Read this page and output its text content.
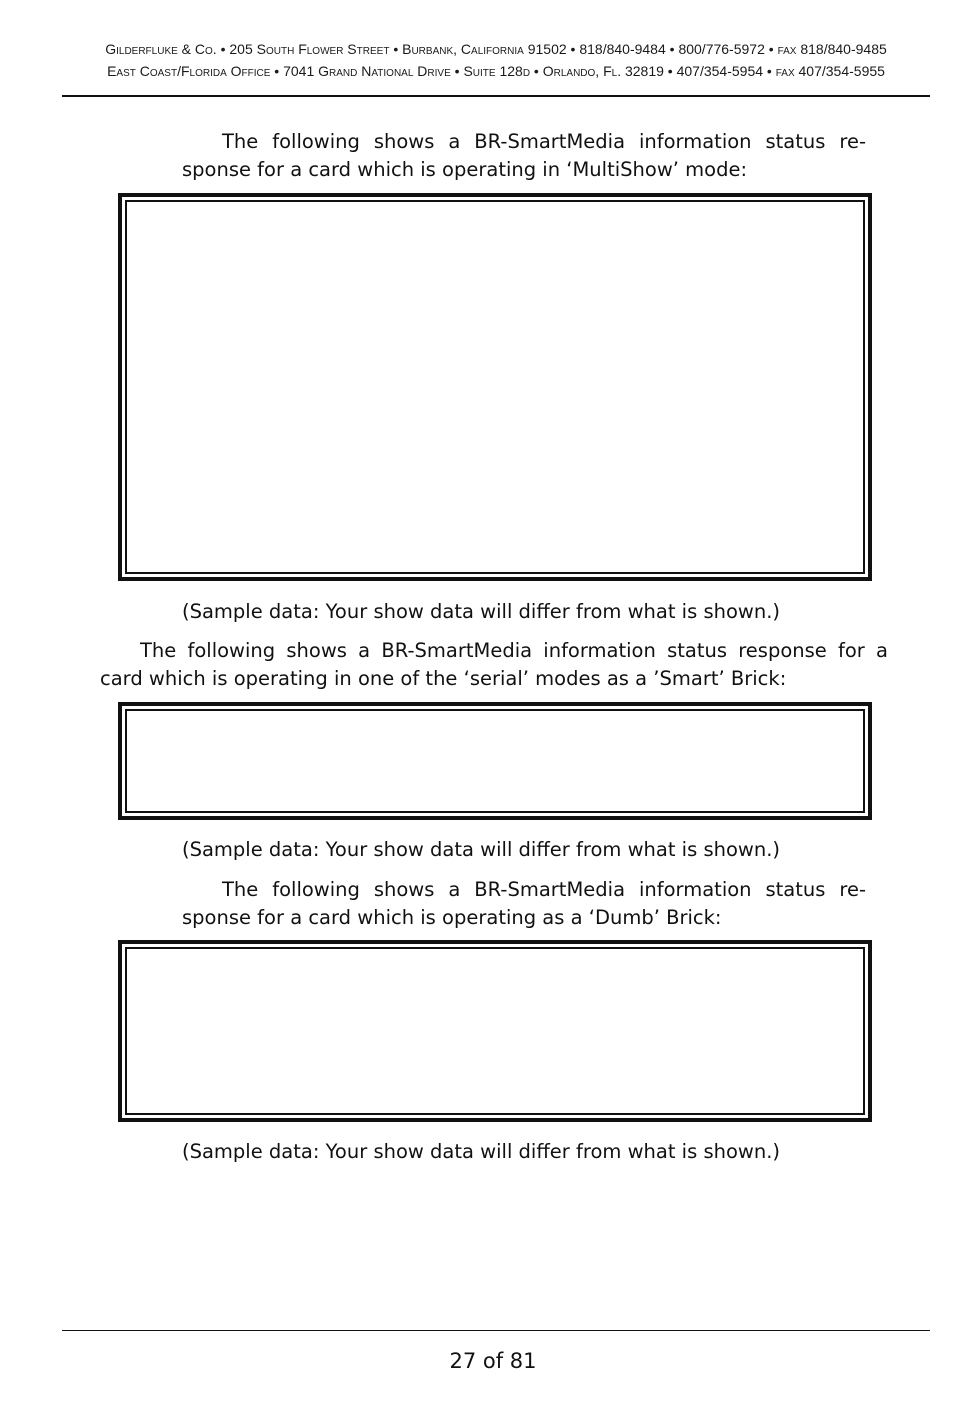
Gilderfluke & Co. • 205 South Flower Street • Burbank, California 91502 • 818/840-9484 • 800/776-5972 • fax 818/840-9485
East Coast/Florida Office • 7041 Grand National Drive • Suite 128d • Orlando, Fl. 32819 • 407/354-5954 • fax 407/354-5955
The following shows a BR-SmartMedia information status re-
sponse for a card which is operating in ‘MultiShow’ mode:
(Sample data: Your show data will differ from what is shown.)
The following shows a BR-SmartMedia information status response for a
card which is operating in one of the ‘serial’ modes as a ’Smart’ Brick:
(Sample data: Your show data will differ from what is shown.)
The following shows a BR-SmartMedia information status re-
sponse for a card which is operating as a ‘Dumb’ Brick:
(Sample data: Your show data will differ from what is shown.)
27 of 81
